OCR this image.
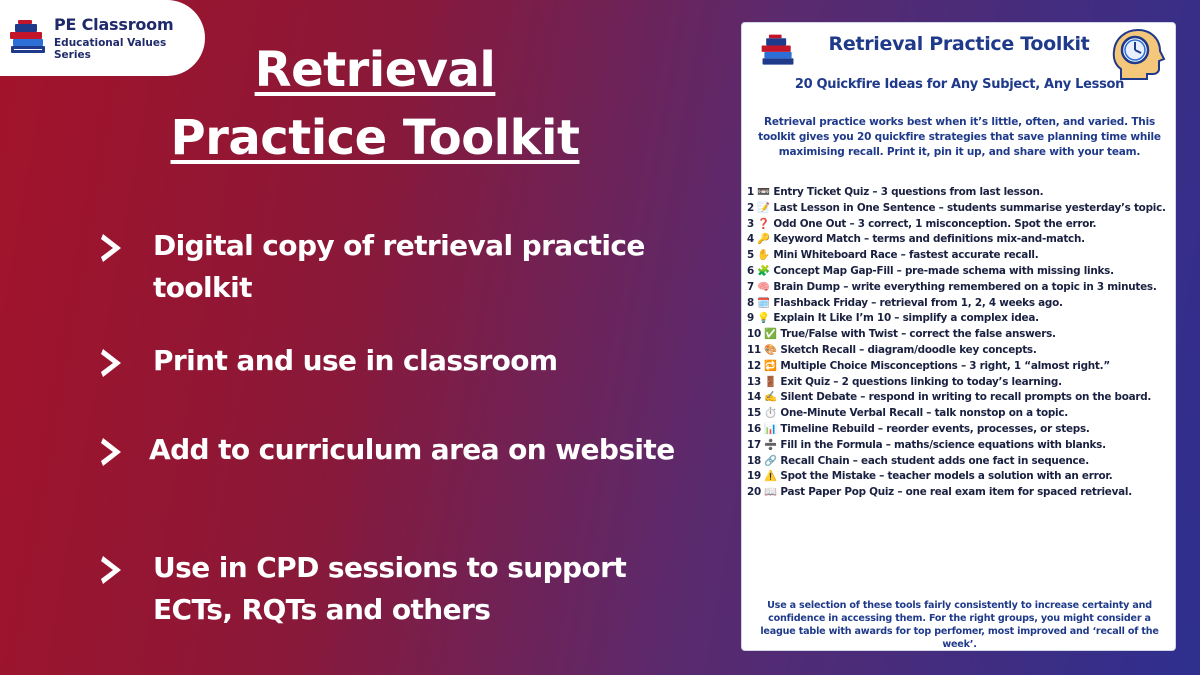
PE Classroom
Educational Values Series	Retrieval Practice Toolkit
Digital copy of retrieval practice toolkit
Print and use in classroom
Add to curriculum area on website
Use in CPD sessions to support ECTs, RQTs and others
Retrieval Practice Toolkit
20 Quickfire Ideas for Any Subject, Any Lesson
Retrieval practice works best when it’s little, often, and varied. This toolkit gives you 20 quickfire strategies that save planning time while maximising recall. Print it, pin it up, and share with your team.
1 📼 Entry Ticket Quiz – 3 questions from last lesson.
2 📝 Last Lesson in One Sentence – students summarise yesterday’s topic.
3 ❓ Odd One Out – 3 correct, 1 misconception. Spot the error.
4 🔑 Keyword Match – terms and definitions mix-and-match.
5 ✋ Mini Whiteboard Race – fastest accurate recall.
6 🧩 Concept Map Gap-Fill – pre-made schema with missing links.
7 🧠 Brain Dump – write everything remembered on a topic in 3 minutes.
8 🗓️ Flashback Friday – retrieval from 1, 2, 4 weeks ago.
9 💡 Explain It Like I’m 10 – simplify a complex idea.
10 ✅ True/False with Twist – correct the false answers.
11 🎨 Sketch Recall – diagram/doodle key concepts.
12 🔁 Multiple Choice Misconceptions – 3 right, 1 “almost right.”
13 🚪 Exit Quiz – 2 questions linking to today’s learning.
14 ✍️ Silent Debate – respond in writing to recall prompts on the board.
15 ⏱️ One-Minute Verbal Recall – talk nonstop on a topic.
16 📊 Timeline Rebuild – reorder events, processes, or steps.
17 ➗ Fill in the Formula – maths/science equations with blanks.
18 🔗 Recall Chain – each student adds one fact in sequence.
19 ⚠️ Spot the Mistake – teacher models a solution with an error.
20 📖 Past Paper Pop Quiz – one real exam item for spaced retrieval.
Use a selection of these tools fairly consistently to increase certainty and confidence in accessing them. For the right groups, you might consider a league table with awards for top perfomer, most improved and ‘recall of the week’.
